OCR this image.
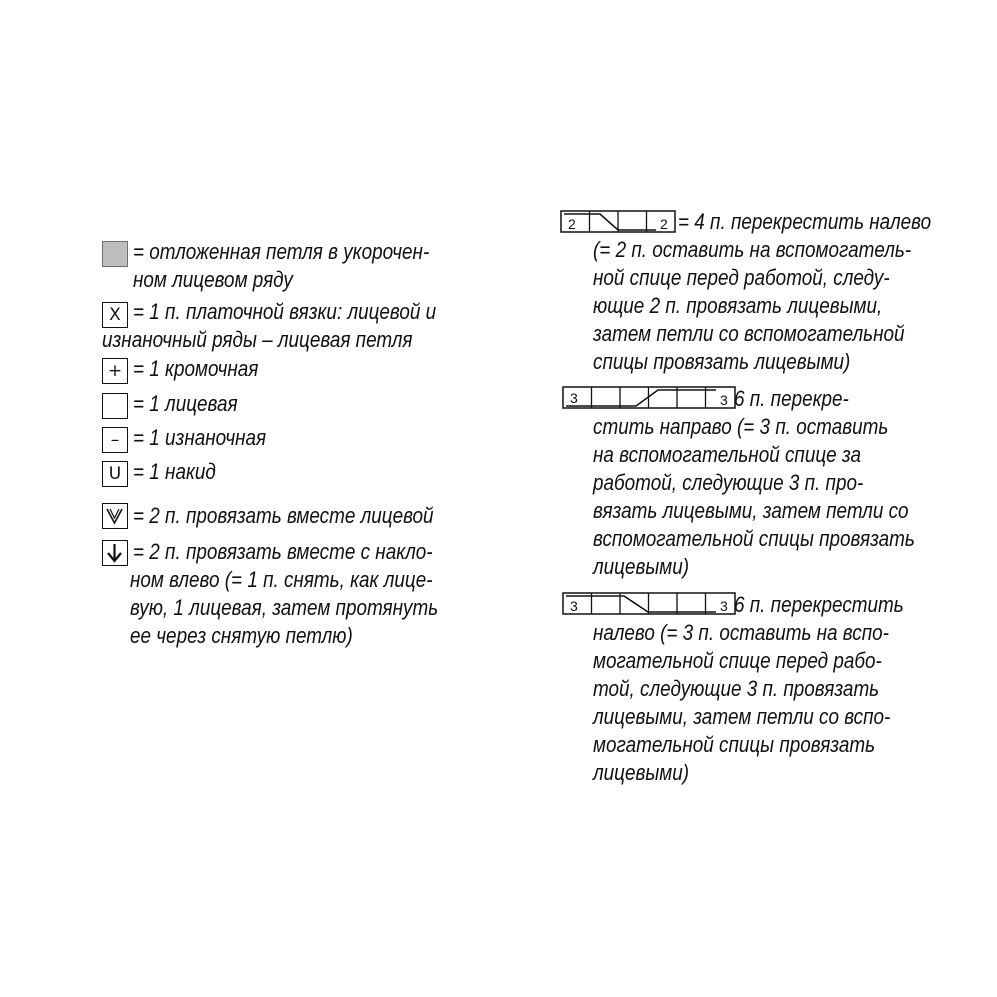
= отложенная петля в укорочен-
ном лицевом ряду
X = 1 п. платочной вязки: лицевой и
изнаночный ряды – лицевая петля
+ = 1 кромочная
= 1 лицевая
– = 1 изнаночная
U = 1 накид
= 2 п. провязать вместе лицевой
= 2 п. провязать вместе с накло-
ном влево (= 1 п. снять, как лице-
вую, 1 лицевая, затем протянуть
ее через снятую петлю)
2	2 = 4 п. перекрестить налево
(= 2 п. оставить на вспомогатель-
ной спице перед работой, следу-
ющие 2 п. провязать лицевыми,
затем петли со вспомогательной
спицы провязать лицевыми)
3	3 6 п. перекре-
стить направо (= 3 п. оставить
на вспомогательной спице за
работой, следующие 3 п. про-
вязать лицевыми, затем петли со
вспомогательной спицы провязать
лицевыми)
3	3 6 п. перекрестить
налево (= 3 п. оставить на вспо-
могательной спице перед рабо-
той, следующие 3 п. провязать
лицевыми, затем петли со вспо-
могательной спицы провязать
лицевыми)
